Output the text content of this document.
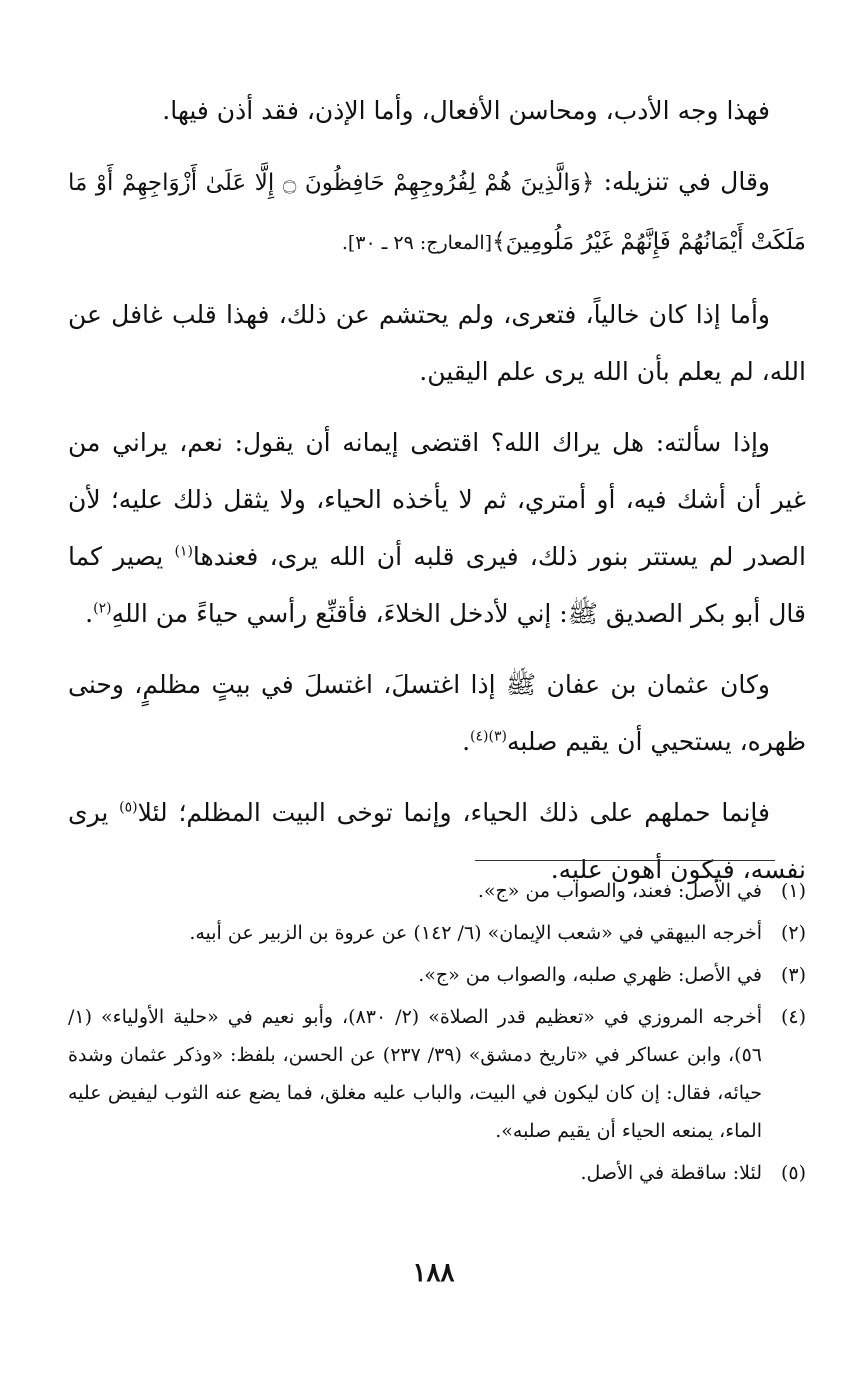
فهذا وجه الأدب، ومحاسن الأفعال، وأما الإذن، فقد أذن فيها.

وقال في تنزيله: ﴿وَالَّذِينَ هُمْ لِفُرُوجِهِمْ حَافِظُونَ ۝ إِلَّا عَلَىٰ أَزْوَاجِهِمْ أَوْ مَا مَلَكَتْ أَيْمَانُهُمْ فَإِنَّهُمْ غَيْرُ مَلُومِينَ﴾[المعارج: ٢٩ ـ ٣٠].

وأما إذا كان خالياً، فتعرى، ولم يحتشم عن ذلك، فهذا قلب غافل عن الله، لم يعلم بأن الله يرى علم اليقين.

وإذا سألته: هل يراك الله؟ اقتضى إيمانه أن يقول: نعم، يراني من غير أن أشك فيه، أو أمتري، ثم لا يأخذه الحياء، ولا يثقل ذلك عليه؛ لأن الصدر لم يستتر بنور ذلك، فيرى قلبه أن الله يرى، فعندها$^{(١)}$ يصير كما قال أبو بكر الصديق ﷺ: إني لأدخل الخلاءَ، فأقنِّع رأسي حياءً من اللهِ$^{(٢)}$.

وكان عثمان بن عفان ﷺ إذا اغتسلَ، اغتسلَ في بيتٍ مظلمٍ، وحنى ظهره، يستحيي أن يقيم صلبه$^{(٣)(٤)}$.

فإنما حملهم على ذلك الحياء، وإنما توخى البيت المظلم؛ لئلا$^{(٥)}$ يرى نفسه، فيكون أهون عليه.

(١)
في الأصل: فعند، والصواب من «ج».
(٢)
أخرجه البيهقي في «شعب الإيمان» (٦/ ١٤٢) عن عروة بن الزبير عن أبيه.
(٣)
في الأصل: ظهري صلبه، والصواب من «ج».
(٤)
أخرجه المروزي في «تعظيم قدر الصلاة» (٢/ ٨٣٠)، وأبو نعيم في «حلية الأولياء» (١/ ٥٦)، وابن عساكر في «تاريخ دمشق» (٣٩/ ٢٣٧) عن الحسن، بلفظ: «وذكر عثمان وشدة حيائه، فقال: إن كان ليكون في البيت، والباب عليه مغلق، فما يضع عنه الثوب ليفيض عليه الماء، يمنعه الحياء أن يقيم صلبه».
(٥)
لئلا: ساقطة في الأصل.
١٨٨
